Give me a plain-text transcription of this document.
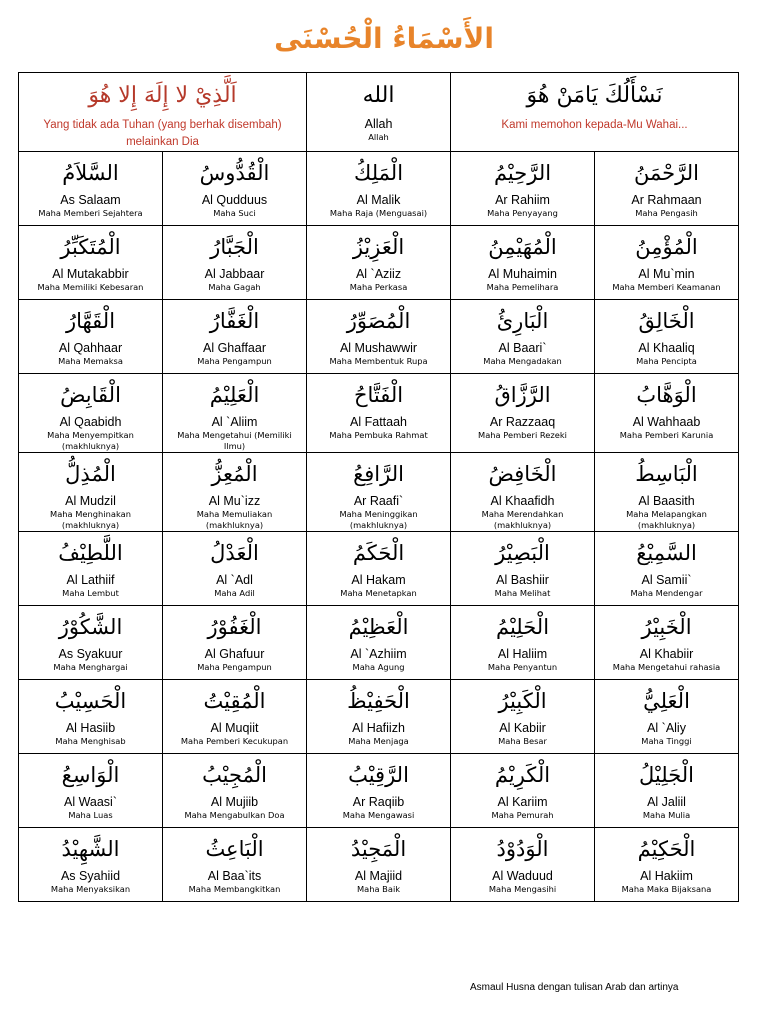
الأَسْمَاءُ الْحُسْنَى
اَلَّذِيْ لا إِلَهَ إِلا هُوَ
Yang tidak ada Tuhan (yang berhak disembah) melainkan Dia		الله
Allah
Allah	نَسْأَلُكَ يَامَنْ هُوَ
Kami memohon kepada-Mu Wahai...	

السَّلاَمُ
As Salaam
Maha Memberi Sejahtera	الْقُدُّوسُ
Al Qudduus
Maha Suci	الْمَلِكُ
Al Malik
Maha Raja (Menguasai)	الرَّحِيْمُ
Ar Rahiim
Maha Penyayang	الرَّحْمَنُ
Ar Rahmaan
Maha Pengasih

الْمُتَكَبِّرُ
Al Mutakabbir
Maha Memiliki Kebesaran	الْجَبَّارُ
Al Jabbaar
Maha Gagah	الْعَزِيْزُ
Al `Aziiz
Maha Perkasa	الْمُهَيْمِنُ
Al Muhaimin
Maha Pemelihara	الْمُؤْمِنُ
Al Mu`min
Maha Memberi Keamanan

الْقَهَّارُ
Al Qahhaar
Maha Memaksa	الْغَفَّارُ
Al Ghaffaar
Maha Pengampun	الْمُصَوِّرُ
Al Mushawwir
Maha Membentuk Rupa	الْبَارِئُ
Al Baari`
Maha Mengadakan	الْخَالِقُ
Al Khaaliq
Maha Pencipta

الْقَابِضُ
Al Qaabidh
Maha Menyempitkan (makhluknya)	الْعَلِيْمُ
Al `Aliim
Maha Mengetahui (Memiliki Ilmu)	الْفَتَّاحُ
Al Fattaah
Maha Pembuka Rahmat	الرَّزَّاقُ
Ar Razzaaq
Maha Pemberi Rezeki	الْوَهَّابُ
Al Wahhaab
Maha Pemberi Karunia

الْمُذِلُّ
Al Mudzil
Maha Menghinakan (makhluknya)	الْمُعِزُّ
Al Mu`izz
Maha Memuliakan (makhluknya)	الرَّافِعُ
Ar Raafi`
Maha Meninggikan (makhluknya)	الْخَافِضُ
Al Khaafidh
Maha Merendahkan (makhluknya)	الْبَاسِطُ
Al Baasith
Maha Melapangkan (makhluknya)

اللَّطِيْفُ
Al Lathiif
Maha Lembut	الْعَدْلُ
Al `Adl
Maha Adil	الْحَكَمُ
Al Hakam
Maha Menetapkan	الْبَصِيْرُ
Al Bashiir
Maha Melihat	السَّمِيْعُ
Al Samii`
Maha Mendengar

الشَّكُوْرُ
As Syakuur
Maha Menghargai	الْغَفُوْرُ
Al Ghafuur
Maha Pengampun	الْعَظِيْمُ
Al `Azhiim
Maha Agung	الْحَلِيْمُ
Al Haliim
Maha Penyantun	الْخَبِيْرُ
Al Khabiir
Maha Mengetahui rahasia

الْحَسِيْبُ
Al Hasiib
Maha Menghisab	الْمُقِيْتُ
Al Muqiit
Maha Pemberi Kecukupan	الْحَفِيْظُ
Al Hafiizh
Maha Menjaga	الْكَبِيْرُ
Al Kabiir
Maha Besar	الْعَلِيُّ
Al `Aliy
Maha Tinggi

الْوَاسِعُ
Al Waasi`
Maha Luas	الْمُجِيْبُ
Al Mujiib
Maha Mengabulkan Doa	الرَّقِيْبُ
Ar Raqiib
Maha Mengawasi	الْكَرِيْمُ
Al Kariim
Maha Pemurah	الْجَلِيْلُ
Al Jaliil
Maha Mulia

الشَّهِيْدُ
As Syahiid
Maha Menyaksikan	الْبَاعِثُ
Al Baa`its
Maha Membangkitkan	الْمَجِيْدُ
Al Majiid
Maha Baik	الْوَدُوْدُ
Al Waduud
Maha Mengasihi	الْحَكِيْمُ
Al Hakiim
Maha Maka Bijaksana
Asmaul Husna dengan tulisan Arab dan artinya
